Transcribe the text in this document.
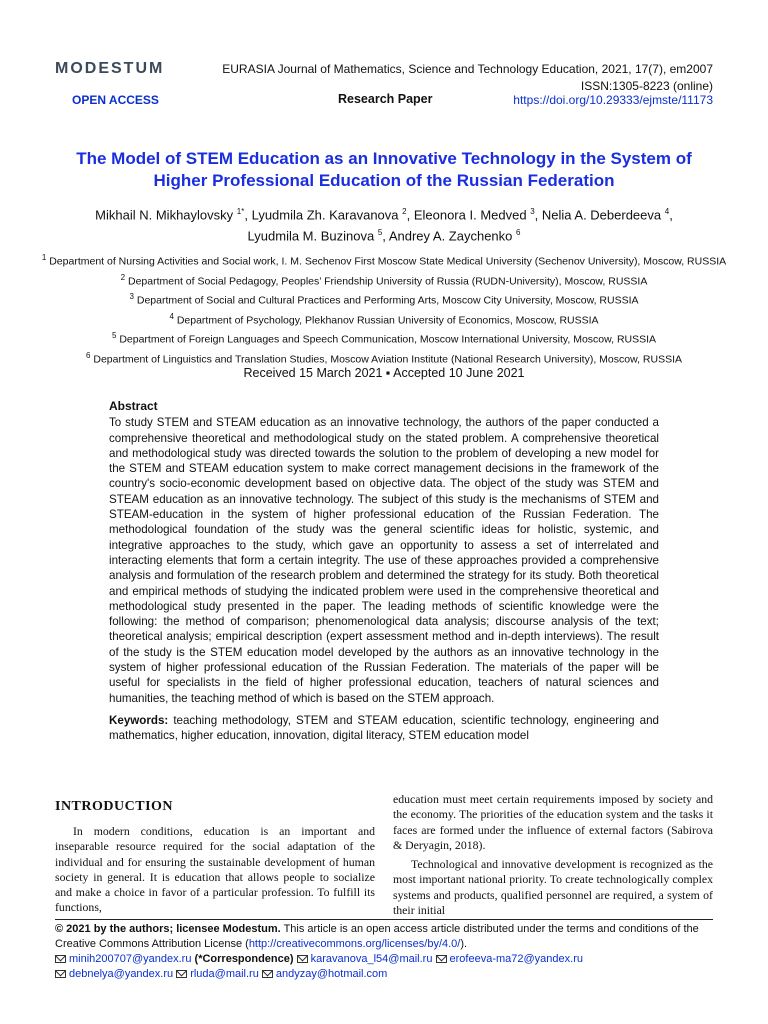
MODESTUM	EURASIA Journal of Mathematics, Science and Technology Education, 2021, 17(7), em2007
ISSN:1305-8223 (online)
OPEN ACCESS	Research Paper	https://doi.org/10.29333/ejmste/11173
The Model of STEM Education as an Innovative Technology in the System of
Higher Professional Education of the Russian Federation
Mikhail N. Mikhaylovsky $^{1*}$, Lyudmila Zh. Karavanova $^2$, Eleonora I. Medved $^3$, Nelia A. Deberdeeva $^4$,
Lyudmila M. Buzinova $^5$, Andrey A. Zaychenko $^6$
$^1$ Department of Nursing Activities and Social work, I. M. Sechenov First Moscow State Medical University (Sechenov University), Moscow, RUSSIA
$^2$ Department of Social Pedagogy, Peoples’ Friendship University of Russia (RUDN-University), Moscow, RUSSIA
$^3$ Department of Social and Cultural Practices and Performing Arts, Moscow City University, Moscow, RUSSIA
$^4$ Department of Psychology, Plekhanov Russian University of Economics, Moscow, RUSSIA
$^5$ Department of Foreign Languages and Speech Communication, Moscow International University, Moscow, RUSSIA
$^6$ Department of Linguistics and Translation Studies, Moscow Aviation Institute (National Research University), Moscow, RUSSIA
Received 15 March 2021 ▪ Accepted 10 June 2021
Abstract

To study STEM and STEAM education as an innovative technology, the authors of the paper conducted a comprehensive theoretical and methodological study on the stated problem. A comprehensive theoretical and methodological study was directed towards the solution to the problem of developing a new model for the STEM and STEAM education system to make correct management decisions in the framework of the country's socio-economic development based on objective data. The object of the study was STEM and STEAM education as an innovative technology. The subject of this study is the mechanisms of STEM and STEAM-education in the system of higher professional education of the Russian Federation. The methodological foundation of the study was the general scientific ideas for holistic, systemic, and integrative approaches to the study, which gave an opportunity to assess a set of interrelated and interacting elements that form a certain integrity. The use of these approaches provided a comprehensive analysis and formulation of the research problem and determined the strategy for its study. Both theoretical and empirical methods of studying the indicated problem were used in the comprehensive theoretical and methodological study presented in the paper. The leading methods of scientific knowledge were the following: the method of comparison; phenomenological data analysis; discourse analysis of the text; theoretical analysis; empirical description (expert assessment method and in-depth interviews). The result of the study is the STEM education model developed by the authors as an innovative technology in the system of higher professional education of the Russian Federation. The materials of the paper will be useful for specialists in the field of higher professional education, teachers of natural sciences and humanities, the teaching method of which is based on the STEM approach.

Keywords: teaching methodology, STEM and STEAM education, scientific technology, engineering and mathematics, higher education, innovation, digital literacy, STEM education model

INTRODUCTION

In modern conditions, education is an important and inseparable resource required for the social adaptation of the individual and for ensuring the sustainable development of human society in general. It is education that allows people to socialize and make a choice in favor of a particular profession. To fulfill its functions,

education must meet certain requirements imposed by society and the economy. The priorities of the education system and the tasks it faces are formed under the influence of external factors (Sabirova & Deryagin, 2018).

Technological and innovative development is recognized as the most important national priority. To create technologically complex systems and products, qualified personnel are required, a system of their initial

© 2021 by the authors; licensee Modestum. This article is an open access article distributed under the terms and conditions of the Creative Commons Attribution License (http://creativecommons.org/licenses/by/4.0/).
minih200707@yandex.ru (*Correspondence) karavanova_l54@mail.ru erofeeva-ma72@yandex.ru
debnelya@yandex.ru rluda@mail.ru andyzay@hotmail.com
